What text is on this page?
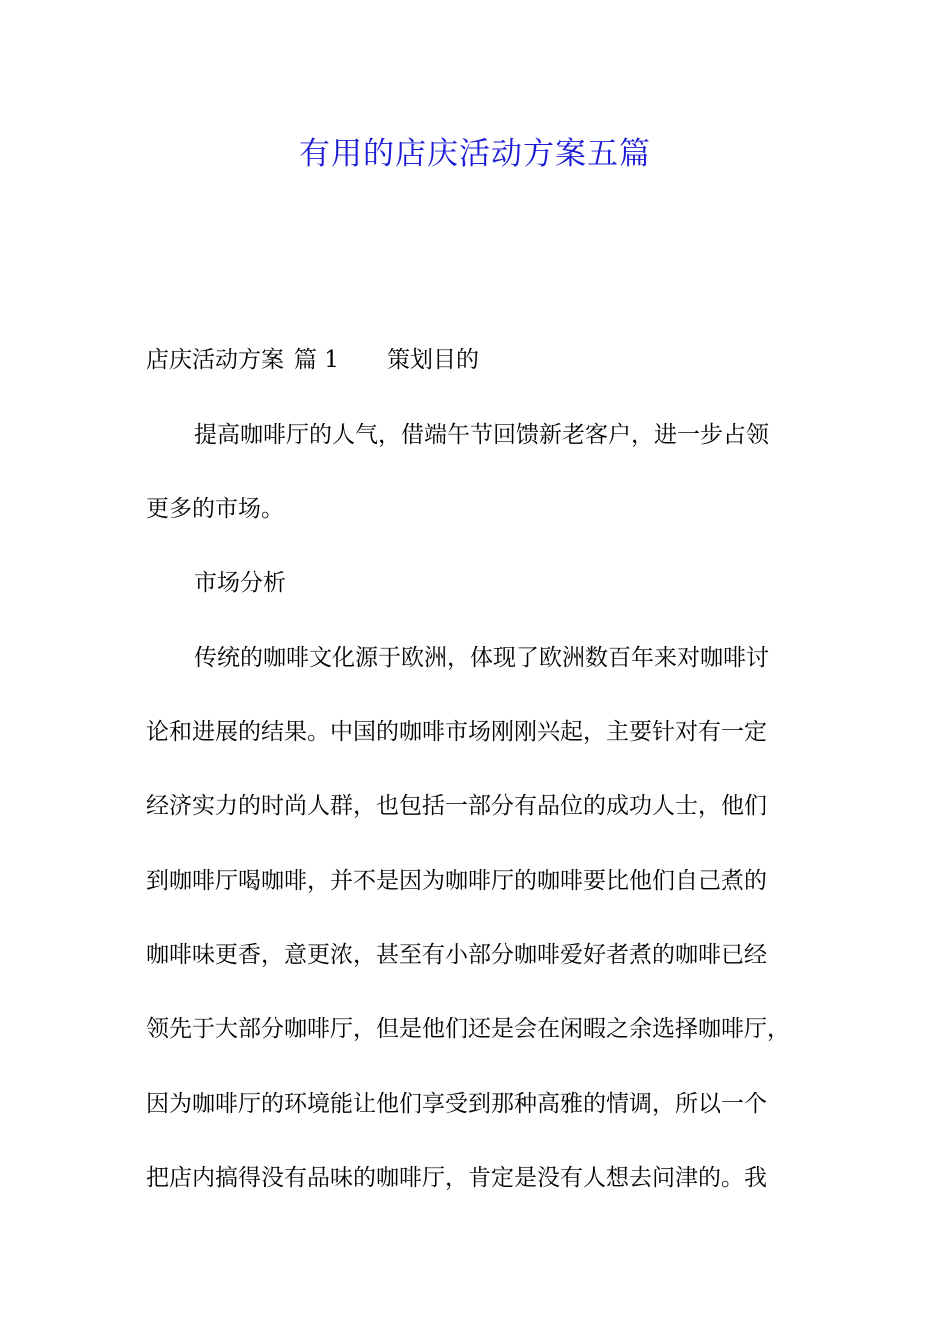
有用的店庆活动方案五篇

店庆活动方案 篇 1 策划目的

提高咖啡厅的人气，借端午节回馈新老客户，进一步占领

更多的市场。

市场分析

传统的咖啡文化源于欧洲，体现了欧洲数百年来对咖啡讨

论和进展的结果。中国的咖啡市场刚刚兴起，主要针对有一定

经济实力的时尚人群，也包括一部分有品位的成功人士，他们

到咖啡厅喝咖啡，并不是因为咖啡厅的咖啡要比他们自己煮的

咖啡味更香，意更浓，甚至有小部分咖啡爱好者煮的咖啡已经

领先于大部分咖啡厅，但是他们还是会在闲暇之余选择咖啡厅，

因为咖啡厅的环境能让他们享受到那种高雅的情调，所以一个

把店内搞得没有品味的咖啡厅，肯定是没有人想去问津的。我
